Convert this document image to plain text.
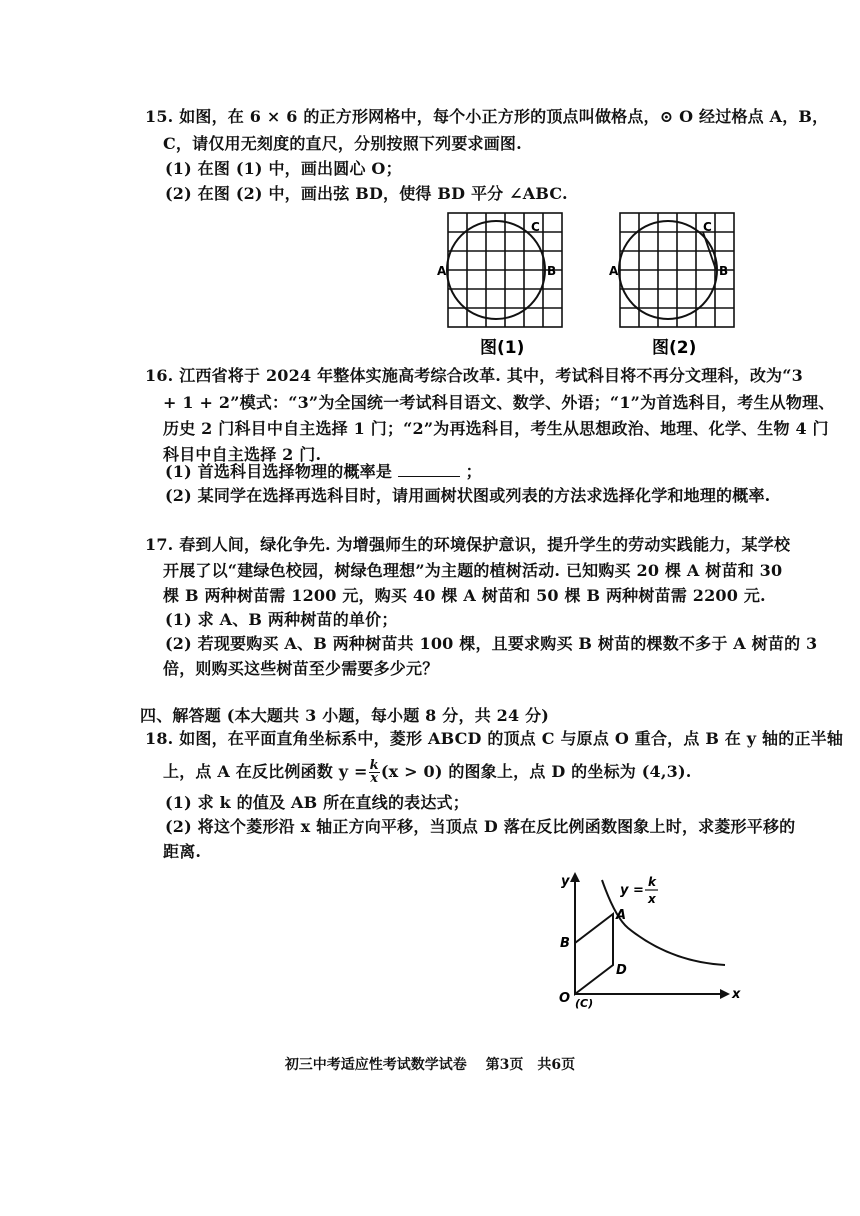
15. 如图，在 6 × 6 的正方形网格中，每个小正方形的顶点叫做格点，⊙ O 经过格点 A，B，
C，请仅用无刻度的直尺，分别按照下列要求画图.
(1) 在图 (1) 中，画出圆心 O；
(2) 在图 (2) 中，画出弦 BD，使得 BD 平分 ∠ABC.
A	B
C
图(1)
A	B
C
图(2)
16. 江西省将于 2024 年整体实施高考综合改革. 其中，考试科目将不再分文理科，改为“3
+ 1 + 2”模式：“3”为全国统一考试科目语文、数学、外语；“1”为首选科目，考生从物理、
历史 2 门科目中自主选择 1 门；“2”为再选科目，考生从思想政治、地理、化学、生物 4 门
科目中自主选择 2 门.
(1) 首选科目选择物理的概率是	；
(2) 某同学在选择再选科目时，请用画树状图或列表的方法求选择化学和地理的概率.
17. 春到人间，绿化争先. 为增强师生的环境保护意识，提升学生的劳动实践能力，某学校
开展了以“建绿色校园，树绿色理想”为主题的植树活动. 已知购买 20 棵 A 树苗和 30
棵 B 两种树苗需 1200 元，购买 40 棵 A 树苗和 50 棵 B 两种树苗需 2200 元.
(1) 求 A、B 两种树苗的单价；
(2) 若现要购买 A、B 两种树苗共 100 棵，且要求购买 B 树苗的棵数不多于 A 树苗的 3
倍，则购买这些树苗至少需要多少元？
四、解答题 (本大题共 3 小题，每小题 8 分，共 24 分)
18. 如图，在平面直角坐标系中，菱形 ABCD 的顶点 C 与原点 O 重合，点 B 在 y 轴的正半轴
上，点 A 在反比例函数 $y = \frac{k}{x} (x > 0)$ 的图象上，点 D 的坐标为 (4,3).
(1) 求 k 的值及 AB 所在直线的表达式；
(2) 将这个菱形沿 x 轴正方向平移，当顶点 D 落在反比例函数图象上时，求菱形平移的
距离.
y
x
O (C)
B
A
D
y =
k
x
初三中考适应性考试数学试卷　 第3页　共6页
